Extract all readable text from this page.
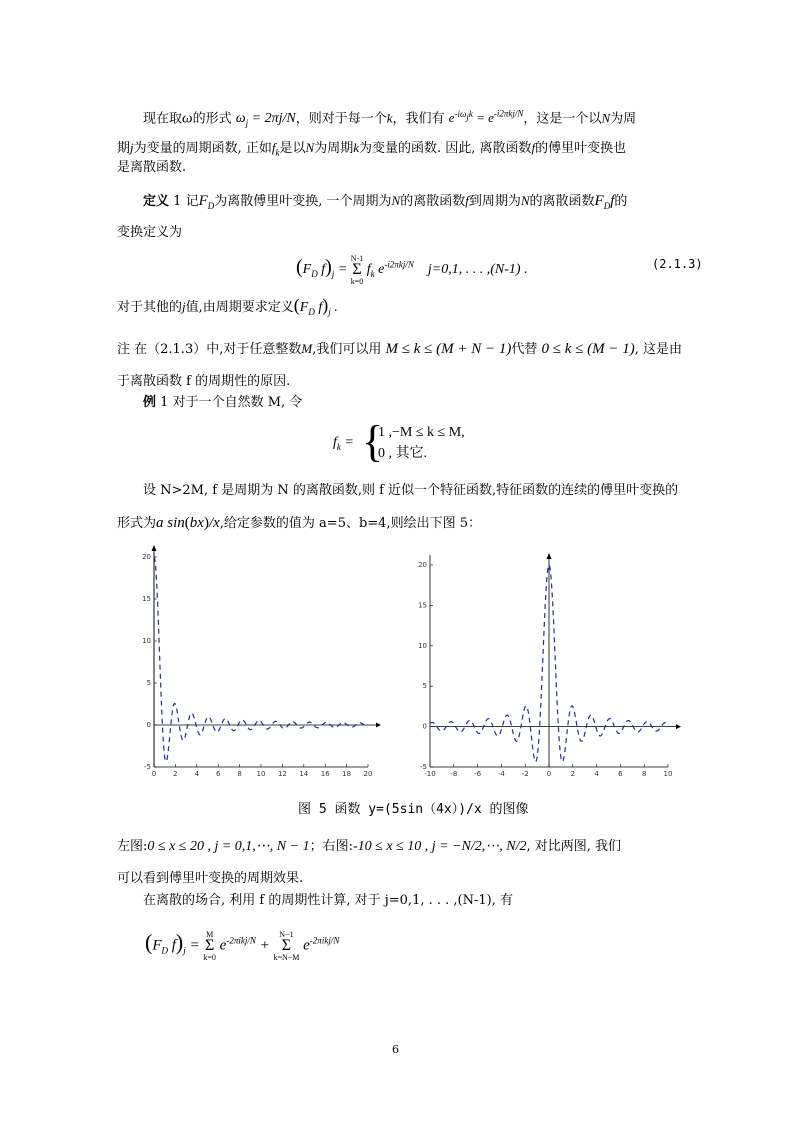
现在取ω的形式 $\omega_j = 2\pi j/N$，则对于每一个k，我们有 $e^{-i\omega_jk} = e^{-i2\pi kj/N}$，这是一个以N为周
期j为变量的周期函数, 正如$f_k$是以N为周期k为变量的函数. 因此, 离散函数f的傅里叶变换也
是离散函数.
定义 1 记$F_D$为离散傅里叶变换, 一个周期为N的离散函数f到周期为N的离散函数$F_Df$的
变换定义为
($F_D$ $f)_j$ =
N-1
Σ
k=0
$f_k$ $e^{-i2\pi kj/N}$    j=0,1, . . . ,(N-1) .	(2.1.3)
对于其他的j值,由周期要求定义($F_D$ $f)_j$ .
注 在（2.1.3）中,对于任意整数M,我们可以用 M ≤ k ≤ (M + N − 1)代替 0 ≤ k ≤ (M − 1), 这是由
于离散函数 f 的周期性的原因.
例 1 对于一个自然数 M, 令
$f_k$ = {
1 ,−M ≤ k ≤ M,
0 , 其它.
设 N>2M, f 是周期为 N 的离散函数,则 f 近似一个特征函数,特征函数的连续的傅里叶变换的
形式为a sin(bx)/x,给定参数的值为 a=5、b=4,则绘出下图 5：
0 2 4 6 8 10 12 14 16 18 20
-5
0
5
10
15
20
-10 -8 -6 -4 -2	0	2	4	6	8 10
-5
0
5
10
15
20
图 5 函数 y=(5sin（4x）)/x 的图像
左图:0 ≤ x ≤ 20 , j = 0,1,⋯, N − 1；右图:-10 ≤ x ≤ 10 , j = −N/2,⋯, N/2, 对比两图, 我们
可以看到傅里叶变换的周期效果.
在离散的场合, 利用 f 的周期性计算, 对于 j=0,1, . . . ,(N-1), 有
($F_D$ $f)_j$ =
M
Σ
k=0
$e^{-2\pi ikj/N}$ +
N−1
Σ
k=N−M
$e^{-2\pi ikj/N}$
6
